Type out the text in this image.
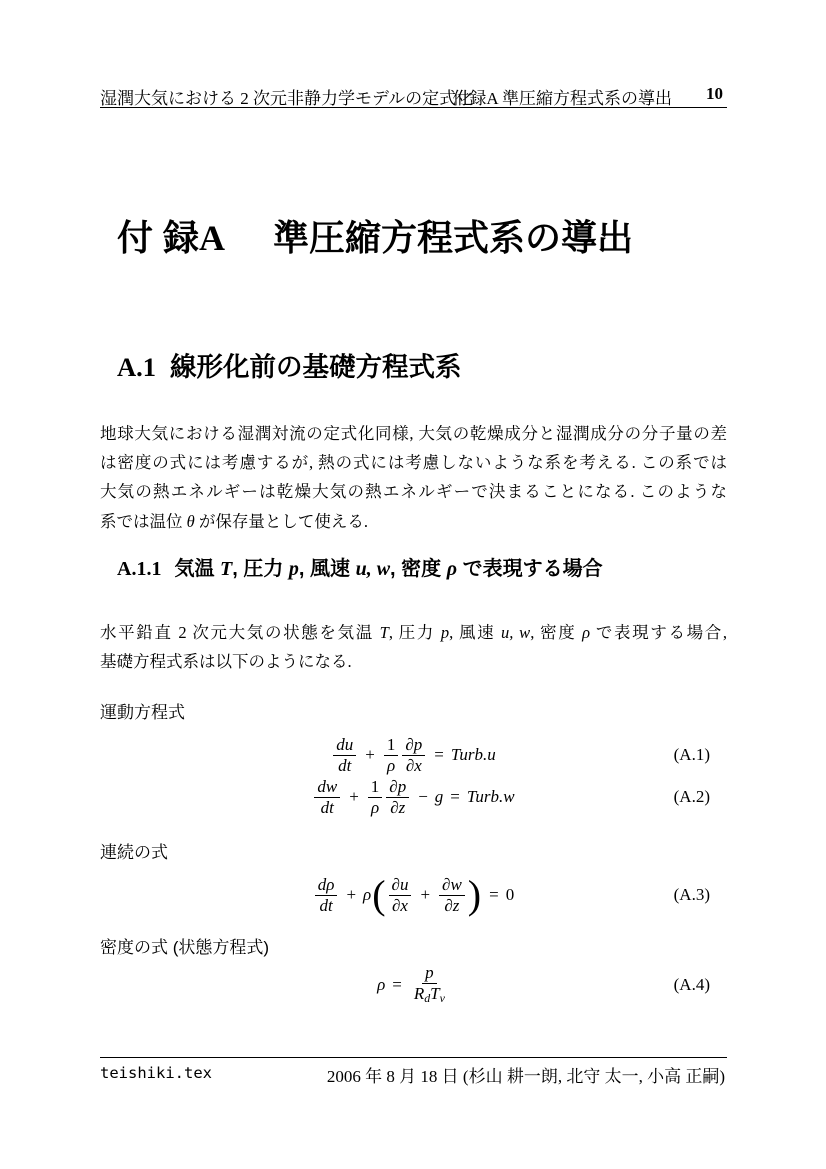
湿潤大気における 2 次元非静力学モデルの定式化
付録A 準圧縮方程式系の導出 10
付 録A 準圧縮方程式系の導出
A.1 線形化前の基礎方程式系
地球大気における湿潤対流の定式化同様, 大気の乾燥成分と湿潤成分の分子量の差
は密度の式には考慮するが, 熱の式には考慮しないような系を考える. この系では
大気の熱エネルギーは乾燥大気の熱エネルギーで決まることになる. このような
系では温位 θ が保存量として使える.
A.1.1 気温 T, 圧力 p, 風速 u, w, 密度 ρ で表現する場合
水平鉛直 2 次元大気の状態を気温 T, 圧力 p, 風速 u, w, 密度 ρ で表現する場合,
基礎方程式系は以下のようになる.
運動方程式
$\frac{du}{dt} + \frac{1}{\rho} \frac{\partial p}{\partial x}$ = Turb.u	(A.1)
$\frac{dw}{dt} + \frac{1}{\rho} \frac{\partial p}{\partial z} - g$ = Turb.w	(A.2)
連続の式
$\frac{d\rho}{dt} + \rho$ ( $\frac{\partial u}{\partial x} + \frac{\partial w}{\partial z}$ ) = 0	(A.3)
密度の式 (状態方程式)
ρ =
p
RdTv
(A.4)
teishiki.tex	2006 年 8 月 18 日 (杉山 耕一朗, 北守 太一, 小高 正嗣)
